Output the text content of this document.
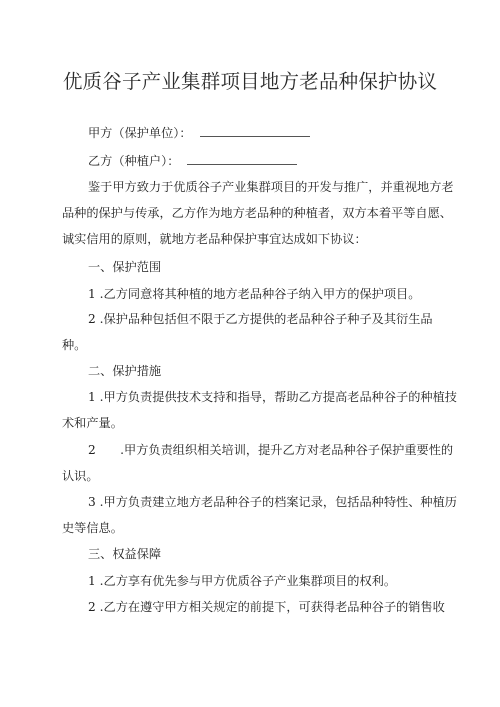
优质谷子产业集群项目地方老品种保护协议
甲方（保护单位）：
乙方（种植户）：
鉴于甲方致力于优质谷子产业集群项目的开发与推广，并重视地方老
品种的保护与传承，乙方作为地方老品种的种植者，双方本着平等自愿、
诚实信用的原则，就地方老品种保护事宜达成如下协议：
一、保护范围
1 .乙方同意将其种植的地方老品种谷子纳入甲方的保护项目。
2 .保护品种包括但不限于乙方提供的老品种谷子种子及其衍生品
种。
二、保护措施
1 .甲方负责提供技术支持和指导，帮助乙方提高老品种谷子的种植技
术和产量。
2　　.甲方负责组织相关培训，提升乙方对老品种谷子保护重要性的
认识。
3 .甲方负责建立地方老品种谷子的档案记录，包括品种特性、种植历
史等信息。
三、权益保障
1 .乙方享有优先参与甲方优质谷子产业集群项目的权利。
2 .乙方在遵守甲方相关规定的前提下，可获得老品种谷子的销售收
